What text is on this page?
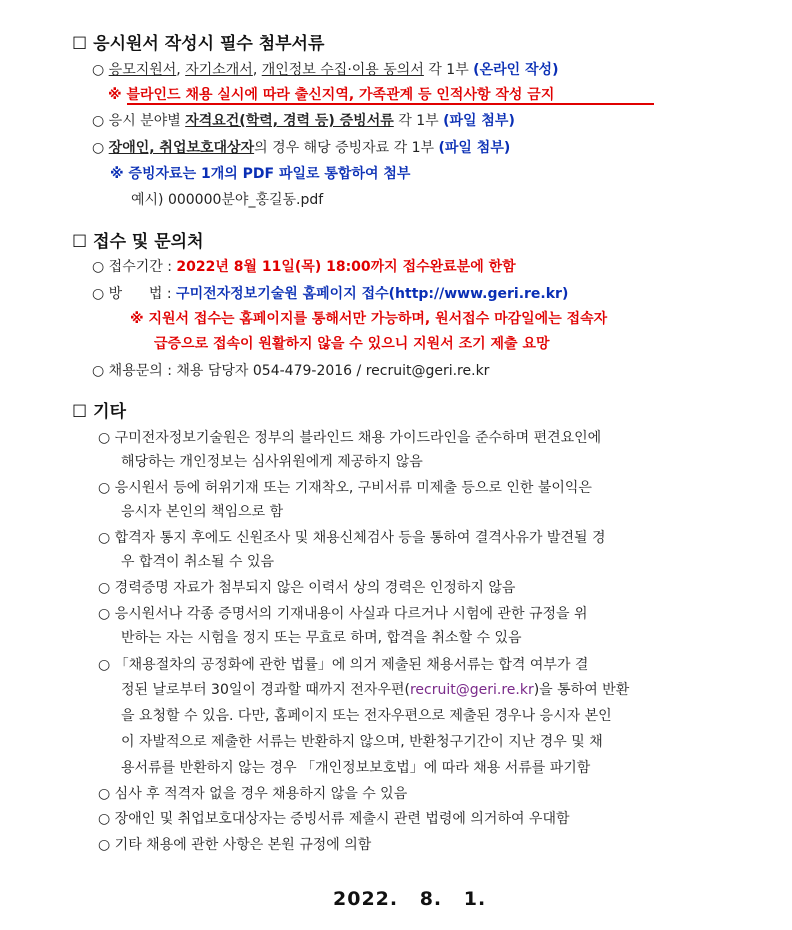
☐ 응시원서 작성시 필수 첨부서류
○ 응모지원서, 자기소개서, 개인정보 수집·이용 동의서 각 1부 (온라인 작성)
※ 블라인드 채용 실시에 따라 출신지역, 가족관계 등 인적사항 작성 금지
○ 응시 분야별 자격요건(학력, 경력 등) 증빙서류 각 1부 (파일 첨부)
○ 장애인, 취업보호대상자의 경우 해당 증빙자료 각 1부 (파일 첨부)
※ 증빙자료는 1개의 PDF 파일로 통합하여 첨부
예시) 000000분야_홍길동.pdf
☐ 접수 및 문의처
○ 접수기간 : 2022년 8월 11일(목) 18:00까지 접수완료분에 한함
○ 방      법 : 구미전자정보기술원 홈페이지 접수(http://www.geri.re.kr)
※ 지원서 접수는 홈페이지를 통해서만 가능하며, 원서접수 마감일에는 접속자
급증으로 접속이 원활하지 않을 수 있으니 지원서 조기 제출 요망
○ 채용문의 : 채용 담당자 054-479-2016 / recruit@geri.re.kr
☐ 기타
○ 구미전자정보기술원은 정부의 블라인드 채용 가이드라인을 준수하며 편견요인에
해당하는 개인정보는 심사위원에게 제공하지 않음
○ 응시원서 등에 허위기재 또는 기재착오, 구비서류 미제출 등으로 인한 불이익은
응시자 본인의 책임으로 함
○ 합격자 통지 후에도 신원조사 및 채용신체검사 등을 통하여 결격사유가 발견될 경
우 합격이 취소될 수 있음
○ 경력증명 자료가 첨부되지 않은 이력서 상의 경력은 인정하지 않음
○ 응시원서나 각종 증명서의 기재내용이 사실과 다르거나 시험에 관한 규정을 위
반하는 자는 시험을 정지 또는 무효로 하며, 합격을 취소할 수 있음
○ 「채용절차의 공정화에 관한 법률」에 의거 제출된 채용서류는 합격 여부가 결
정된 날로부터 30일이 경과할 때까지 전자우편(recruit@geri.re.kr)을 통하여 반환
을 요청할 수 있음. 다만, 홈페이지 또는 전자우편으로 제출된 경우나 응시자 본인
이 자발적으로 제출한 서류는 반환하지 않으며, 반환청구기간이 지난 경우 및 채
용서류를 반환하지 않는 경우 「개인정보보호법」에 따라 채용 서류를 파기함
○ 심사 후 적격자 없을 경우 채용하지 않을 수 있음
○ 장애인 및 취업보호대상자는 증빙서류 제출시 관련 법령에 의거하여 우대함
○ 기타 채용에 관한 사항은 본원 규정에 의함
2022. 8. 1.
